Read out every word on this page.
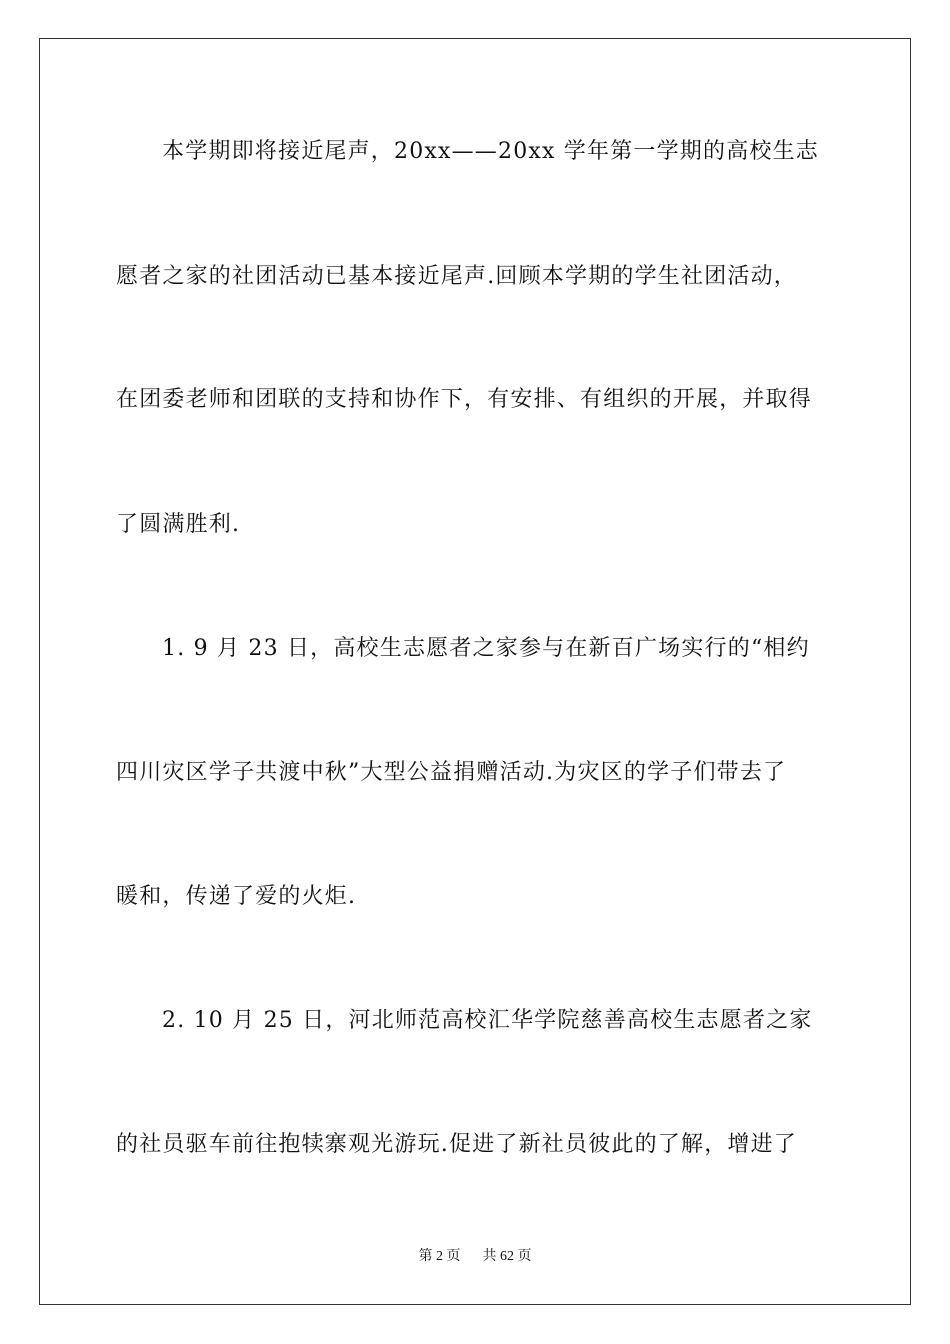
本学期即将接近尾声，20xx——20xx 学年第一学期的高校生志
愿者之家的社团活动已基本接近尾声.回顾本学期的学生社团活动，
在团委老师和团联的支持和协作下，有安排、有组织的开展，并取得
了圆满胜利.
1. 9 月 23 日，高校生志愿者之家参与在新百广场实行的“相约
四川灾区学子共渡中秋”大型公益捐赠活动.为灾区的学子们带去了
暖和，传递了爱的火炬.
2. 10 月 25 日，河北师范高校汇华学院慈善高校生志愿者之家
的社员驱车前往抱犊寨观光游玩.促进了新社员彼此的了解，增进了
第 2 页 共 62 页
